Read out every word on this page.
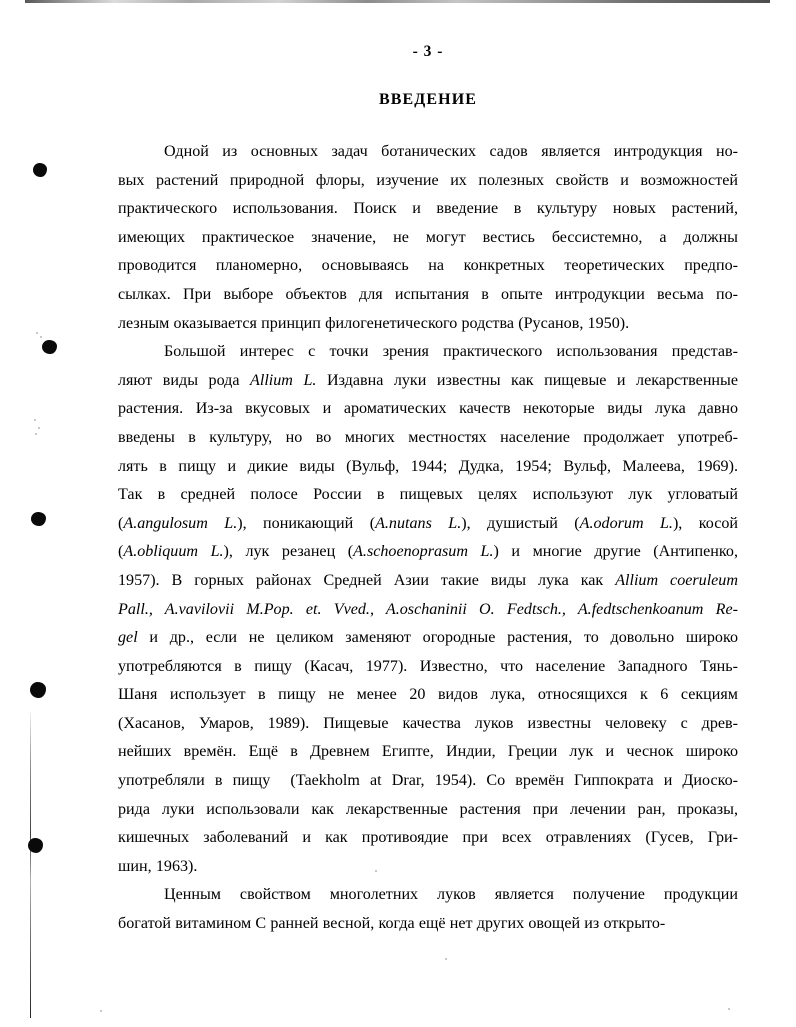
- 3 -
ВВЕДЕНИЕ
Одной из основных задач ботанических садов является интродукция но-
вых растений природной флоры, изучение их полезных свойств и возможностей
практического использования. Поиск и введение в культуру новых растений,
имеющих практическое значение, не могут вестись бессистемно, а должны
проводится планомерно, основываясь на конкретных теоретических предпо-
сылках. При выборе объектов для испытания в опыте интродукции весьма по-
лезным оказывается принцип филогенетического родства (Русанов, 1950).
Большой интерес с точки зрения практического использования представ-
ляют виды рода Allium L. Издавна луки известны как пищевые и лекарственные
растения. Из-за вкусовых и ароматических качеств некоторые виды лука давно
введены в культуру, но во многих местностях население продолжает употреб-
лять в пищу и дикие виды (Вульф, 1944; Дудка, 1954; Вульф, Малеева, 1969).
Так в средней полосе России в пищевых целях используют лук угловатый
(A.angulosum L.), поникающий (A.nutans L.), душистый (A.odorum L.), косой
(A.obliquum L.), лук резанец (A.schoenoprasum L.) и многие другие (Антипенко,
1957). В горных районах Средней Азии такие виды лука как Allium coeruleum
Pall., A.vavilovii M.Pop. et. Vved., A.oschaninii O. Fedtsch., A.fedtschenkoanum Re-
gel и др., если не целиком заменяют огородные растения, то довольно широко
употребляются в пищу (Касач, 1977). Известно, что население Западного Тянь-
Шаня использует в пищу не менее 20 видов лука, относящихся к 6 секциям
(Хасанов, Умаров, 1989). Пищевые качества луков известны человеку с древ-
нейших времён. Ещё в Древнем Египте, Индии, Греции лук и чеснок широко
употребляли в пищу  (Taekholm at Drar, 1954). Со времён Гиппократа и Диоско-
рида луки использовали как лекарственные растения при лечении ран, проказы,
кишечных заболеваний и как противоядие при всех отравлениях (Гусев, Гри-
шин, 1963).
Ценным свойством многолетних луков является получение продукции
богатой витамином С ранней весной, когда ещё нет других овощей из открыто-
